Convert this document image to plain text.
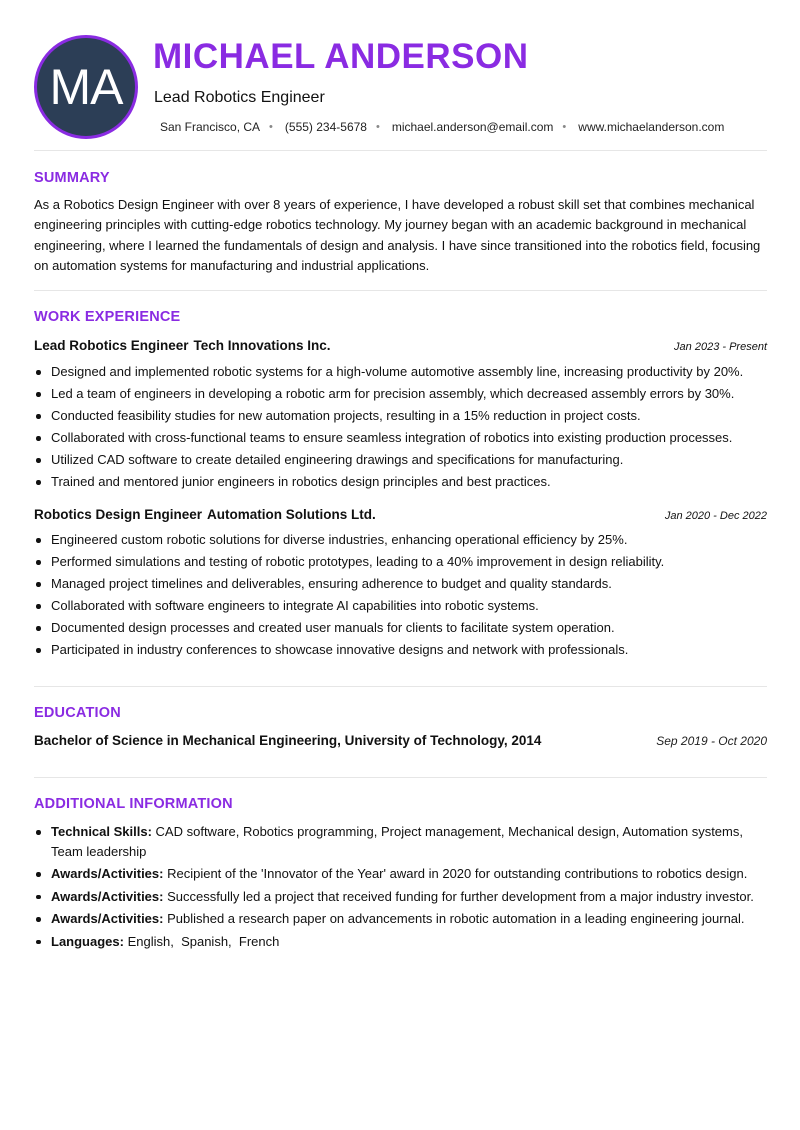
MA
MICHAEL ANDERSON
Lead Robotics Engineer
San Francisco, CA • (555) 234-5678 • michael.anderson@email.com • www.michaelanderson.com
SUMMARY
As a Robotics Design Engineer with over 8 years of experience, I have developed a robust skill set that combines mechanical engineering principles with cutting-edge robotics technology. My journey began with an academic background in mechanical engineering, where I learned the fundamentals of design and analysis. I have since transitioned into the robotics field, focusing on automation systems for manufacturing and industrial applications.
WORK EXPERIENCE
Lead Robotics Engineer Tech Innovations Inc.	Jan 2023 - Present
Designed and implemented robotic systems for a high-volume automotive assembly line, increasing productivity by 20%.
Led a team of engineers in developing a robotic arm for precision assembly, which decreased assembly errors by 30%.
Conducted feasibility studies for new automation projects, resulting in a 15% reduction in project costs.
Collaborated with cross-functional teams to ensure seamless integration of robotics into existing production processes.
Utilized CAD software to create detailed engineering drawings and specifications for manufacturing.
Trained and mentored junior engineers in robotics design principles and best practices.
Robotics Design Engineer Automation Solutions Ltd.	Jan 2020 - Dec 2022
Engineered custom robotic solutions for diverse industries, enhancing operational efficiency by 25%.
Performed simulations and testing of robotic prototypes, leading to a 40% improvement in design reliability.
Managed project timelines and deliverables, ensuring adherence to budget and quality standards.
Collaborated with software engineers to integrate AI capabilities into robotic systems.
Documented design processes and created user manuals for clients to facilitate system operation.
Participated in industry conferences to showcase innovative designs and network with professionals.
EDUCATION
Bachelor of Science in Mechanical Engineering, University of Technology, 2014	Sep 2019 - Oct 2020
ADDITIONAL INFORMATION
Technical Skills: CAD software, Robotics programming, Project management, Mechanical design, Automation systems, Team leadership
Awards/Activities: Recipient of the 'Innovator of the Year' award in 2020 for outstanding contributions to robotics design.
Awards/Activities: Successfully led a project that received funding for further development from a major industry investor.
Awards/Activities: Published a research paper on advancements in robotic automation in a leading engineering journal.
Languages: English,  Spanish,  French
